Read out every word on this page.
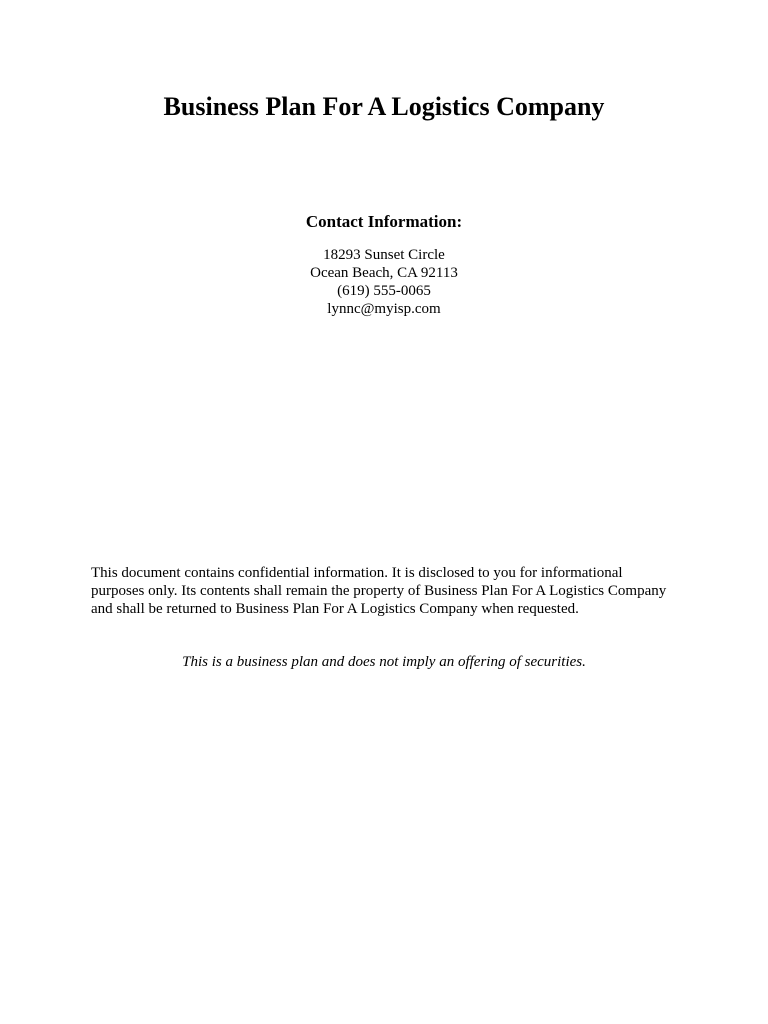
Business Plan For A Logistics Company

Contact Information:

18293 Sunset Circle

Ocean Beach, CA 92113

(619) 555-0065

lynnc@myisp.com

This document contains confidential information. It is disclosed to you for informational
purposes only. Its contents shall remain the property of Business Plan For A Logistics Company
and shall be returned to Business Plan For A Logistics Company when requested.

This is a business plan and does not imply an offering of securities.
